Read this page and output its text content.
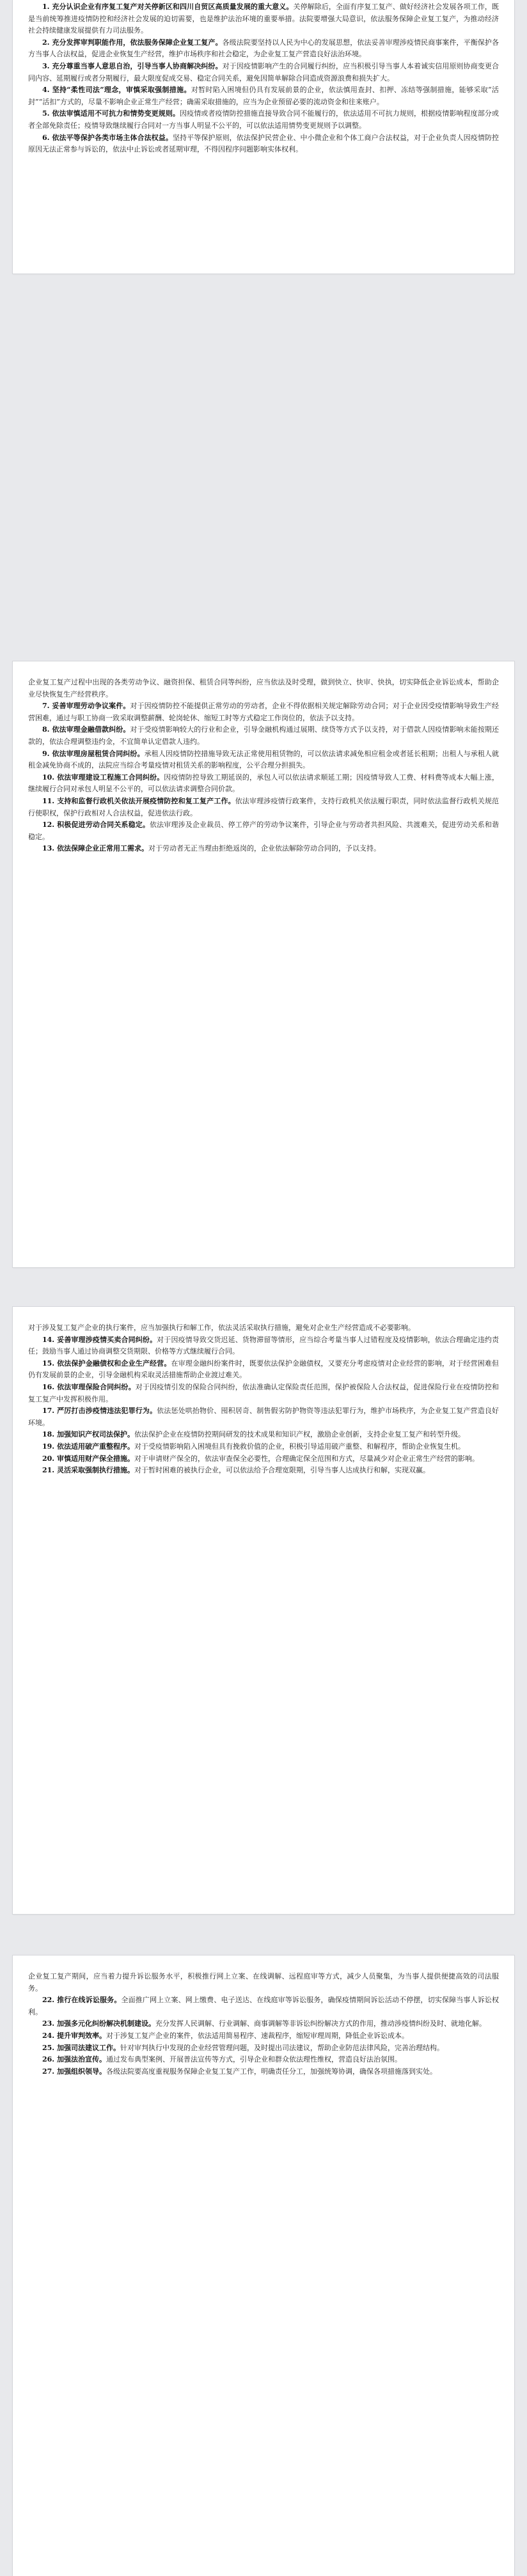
1. 充分认识企业有序复工复产对关停新区和四川自贸区高质量发展的重大意义。关停解除后，全面有序复工复产、做好经济社会发展各项工作，既是当前统筹推进疫情防控和经济社会发展的迫切需要，也是维护法治环境的重要举措。法院要增强大局意识，依法服务保障企业复工复产，为推动经济社会持续健康发展提供有力司法服务。

2. 充分发挥审判职能作用，依法服务保障企业复工复产。各级法院要坚持以人民为中心的发展思想，依法妥善审理涉疫情民商事案件，平衡保护各方当事人合法权益，促进企业恢复生产经营，维护市场秩序和社会稳定，为企业复工复产营造良好法治环境。

3. 充分尊重当事人意思自治，引导当事人协商解决纠纷。对于因疫情影响产生的合同履行纠纷，应当积极引导当事人本着诚实信用原则协商变更合同内容、延期履行或者分期履行，最大限度促成交易、稳定合同关系，避免因简单解除合同造成资源浪费和损失扩大。

4. 坚持“柔性司法”理念，审慎采取强制措施。对暂时陷入困境但仍具有发展前景的企业，依法慎用查封、扣押、冻结等强制措施，能够采取“活封”“活扣”方式的，尽量不影响企业正常生产经营；确需采取措施的，应当为企业预留必要的流动资金和往来账户。

5. 依法审慎适用不可抗力和情势变更规则。因疫情或者疫情防控措施直接导致合同不能履行的，依法适用不可抗力规则，根据疫情影响程度部分或者全部免除责任；疫情导致继续履行合同对一方当事人明显不公平的，可以依法适用情势变更规则予以调整。

6. 依法平等保护各类市场主体合法权益。坚持平等保护原则，依法保护民营企业、中小微企业和个体工商户合法权益，对于企业负责人因疫情防控原因无法正常参与诉讼的，依法中止诉讼或者延期审理，不得因程序问题影响实体权利。

企业复工复产过程中出现的各类劳动争议、融资担保、租赁合同等纠纷，应当依法及时受理，做到快立、快审、快执，切实降低企业诉讼成本，帮助企业尽快恢复生产经营秩序。

7. 妥善审理劳动争议案件。对于因疫情防控不能提供正常劳动的劳动者，企业不得依据相关规定解除劳动合同；对于企业因受疫情影响导致生产经营困难，通过与职工协商一致采取调整薪酬、轮岗轮休、缩短工时等方式稳定工作岗位的，依法予以支持。

8. 依法审理金融借款纠纷。对于受疫情影响较大的行业和企业，引导金融机构通过展期、续贷等方式予以支持，对于借款人因疫情影响未能按期还款的，依法合理调整违约金，不宜简单认定借款人违约。

9. 依法审理房屋租赁合同纠纷。承租人因疫情防控措施导致无法正常使用租赁物的，可以依法请求减免相应租金或者延长租期；出租人与承租人就租金减免协商不成的，法院应当综合考量疫情对租赁关系的影响程度，公平合理分担损失。

10. 依法审理建设工程施工合同纠纷。因疫情防控导致工期延误的，承包人可以依法请求顺延工期；因疫情导致人工费、材料费等成本大幅上涨，继续履行合同对承包人明显不公平的，可以依法请求调整合同价款。

11. 支持和监督行政机关依法开展疫情防控和复工复产工作。依法审理涉疫情行政案件，支持行政机关依法履行职责，同时依法监督行政机关规范行使职权，保护行政相对人合法权益，促进依法行政。

12. 积极促进劳动合同关系稳定。依法审理涉及企业裁员、停工停产的劳动争议案件，引导企业与劳动者共担风险、共渡难关，促进劳动关系和谐稳定。

13. 依法保障企业正常用工需求。对于劳动者无正当理由拒绝返岗的，企业依法解除劳动合同的，予以支持。

对于涉及复工复产企业的执行案件，应当加强执行和解工作，依法灵活采取执行措施，避免对企业生产经营造成不必要影响。

14. 妥善审理涉疫情买卖合同纠纷。对于因疫情导致交货迟延、货物滞留等情形，应当综合考量当事人过错程度及疫情影响，依法合理确定违约责任；鼓励当事人通过协商调整交货期限、价格等方式继续履行合同。

15. 依法保护金融债权和企业生产经营。在审理金融纠纷案件时，既要依法保护金融债权，又要充分考虑疫情对企业经营的影响，对于经营困难但仍有发展前景的企业，引导金融机构采取灵活措施帮助企业渡过难关。

16. 依法审理保险合同纠纷。对于因疫情引发的保险合同纠纷，依法准确认定保险责任范围，保护被保险人合法权益，促进保险行业在疫情防控和复工复产中发挥积极作用。

17. 严厉打击涉疫情违法犯罪行为。依法惩处哄抬物价、囤积居奇、制售假劣防护物资等违法犯罪行为，维护市场秩序，为企业复工复产营造良好环境。

18. 加强知识产权司法保护。依法保护企业在疫情防控期间研发的技术成果和知识产权，激励企业创新，支持企业复工复产和转型升级。

19. 依法适用破产重整程序。对于受疫情影响陷入困境但具有挽救价值的企业，积极引导适用破产重整、和解程序，帮助企业恢复生机。

20. 审慎适用财产保全措施。对于申请财产保全的，依法审查保全必要性，合理确定保全范围和方式，尽量减少对企业正常生产经营的影响。

21. 灵活采取强制执行措施。对于暂时困难的被执行企业，可以依法给予合理宽限期，引导当事人达成执行和解，实现双赢。

企业复工复产期间，应当着力提升诉讼服务水平，积极推行网上立案、在线调解、远程庭审等方式，减少人员聚集，为当事人提供便捷高效的司法服务。

22. 推行在线诉讼服务。全面推广网上立案、网上缴费、电子送达、在线庭审等诉讼服务，确保疫情期间诉讼活动不停摆，切实保障当事人诉讼权利。

23. 加强多元化纠纷解决机制建设。充分发挥人民调解、行业调解、商事调解等非诉讼纠纷解决方式的作用，推动涉疫情纠纷及时、就地化解。

24. 提升审判效率。对于涉复工复产企业的案件，依法适用简易程序、速裁程序，缩短审理周期，降低企业诉讼成本。

25. 加强司法建议工作。针对审判执行中发现的企业经营管理问题，及时提出司法建议，帮助企业防范法律风险，完善治理结构。

26. 加强法治宣传。通过发布典型案例、开展普法宣传等方式，引导企业和群众依法理性维权，营造良好法治氛围。

27. 加强组织领导。各级法院要高度重视服务保障企业复工复产工作，明确责任分工，加强统筹协调，确保各项措施落到实处。
